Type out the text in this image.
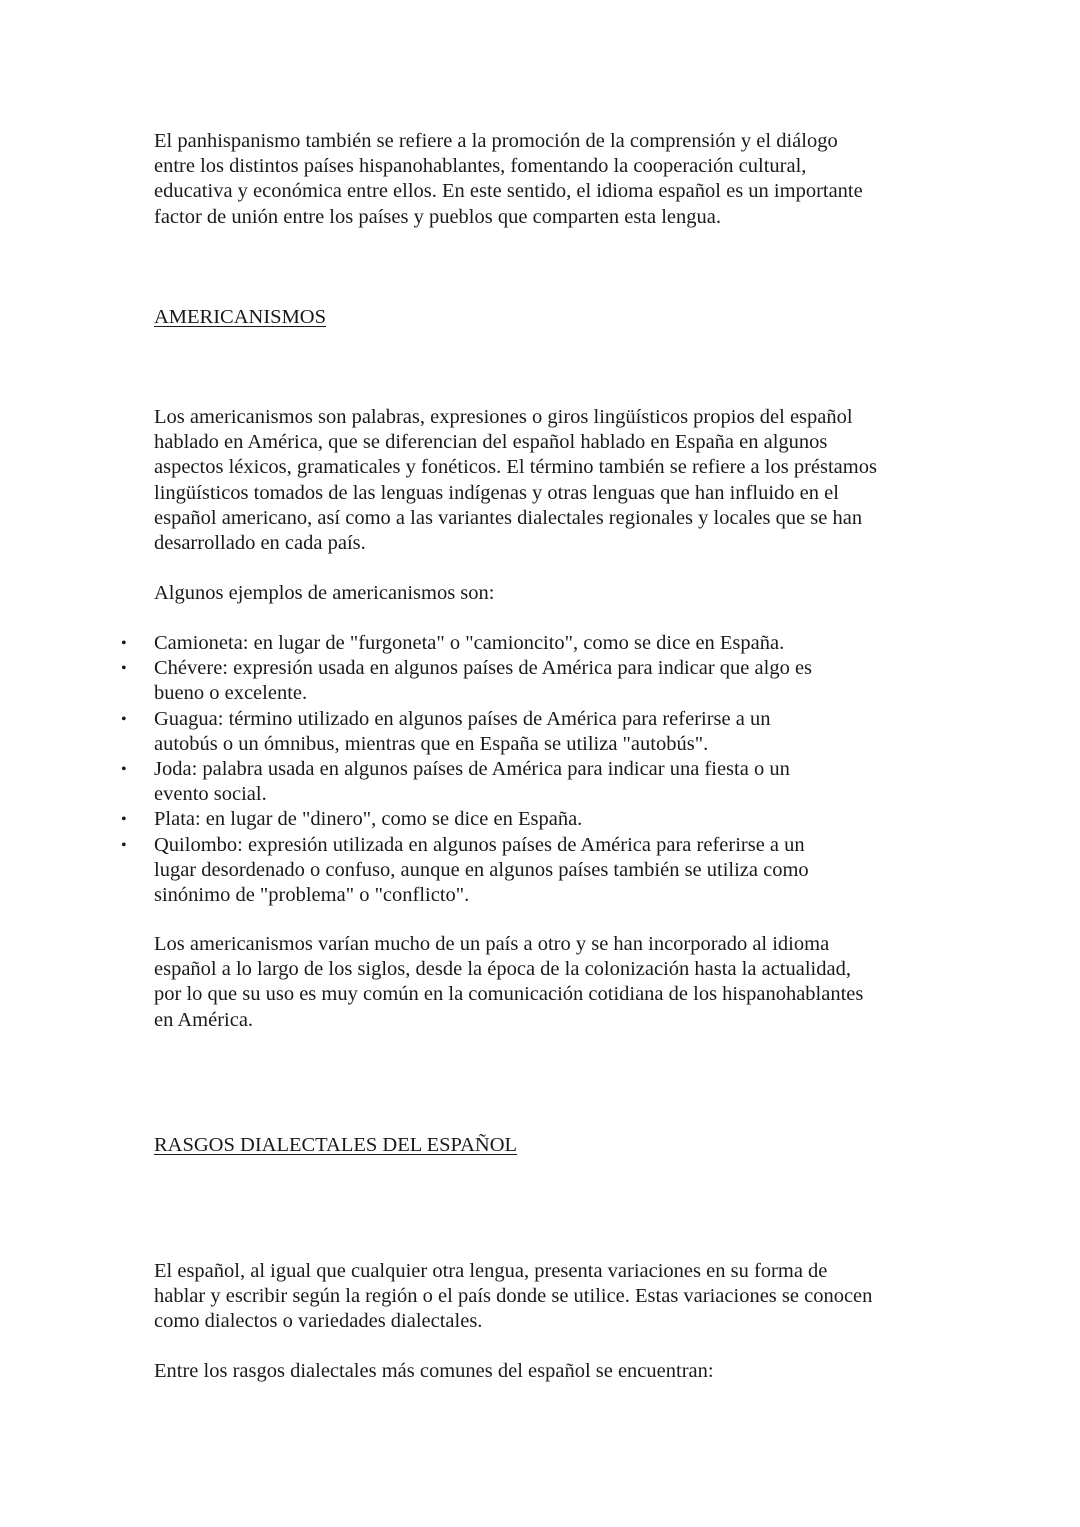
El panhispanismo también se refiere a la promoción de la comprensión y el diálogo
entre los distintos países hispanohablantes, fomentando la cooperación cultural,
educativa y económica entre ellos. En este sentido, el idioma español es un importante
factor de unión entre los países y pueblos que comparten esta lengua.

AMERICANISMOS

Los americanismos son palabras, expresiones o giros lingüísticos propios del español
hablado en América, que se diferencian del español hablado en España en algunos
aspectos léxicos, gramaticales y fonéticos. El término también se refiere a los préstamos
lingüísticos tomados de las lenguas indígenas y otras lenguas que han influido en el
español americano, así como a las variantes dialectales regionales y locales que se han
desarrollado en cada país.

Algunos ejemplos de americanismos son:

• Camioneta: en lugar de "furgoneta" o "camioncito", como se dice en España.
• Chévere: expresión usada en algunos países de América para indicar que algo es
bueno o excelente.
• Guagua: término utilizado en algunos países de América para referirse a un
autobús o un ómnibus, mientras que en España se utiliza "autobús".
• Joda: palabra usada en algunos países de América para indicar una fiesta o un
evento social.
• Plata: en lugar de "dinero", como se dice en España.
• Quilombo: expresión utilizada en algunos países de América para referirse a un
lugar desordenado o confuso, aunque en algunos países también se utiliza como
sinónimo de "problema" o "conflicto".

Los americanismos varían mucho de un país a otro y se han incorporado al idioma
español a lo largo de los siglos, desde la época de la colonización hasta la actualidad,
por lo que su uso es muy común en la comunicación cotidiana de los hispanohablantes
en América.

RASGOS DIALECTALES DEL ESPAÑOL

El español, al igual que cualquier otra lengua, presenta variaciones en su forma de
hablar y escribir según la región o el país donde se utilice. Estas variaciones se conocen
como dialectos o variedades dialectales.

Entre los rasgos dialectales más comunes del español se encuentran:
